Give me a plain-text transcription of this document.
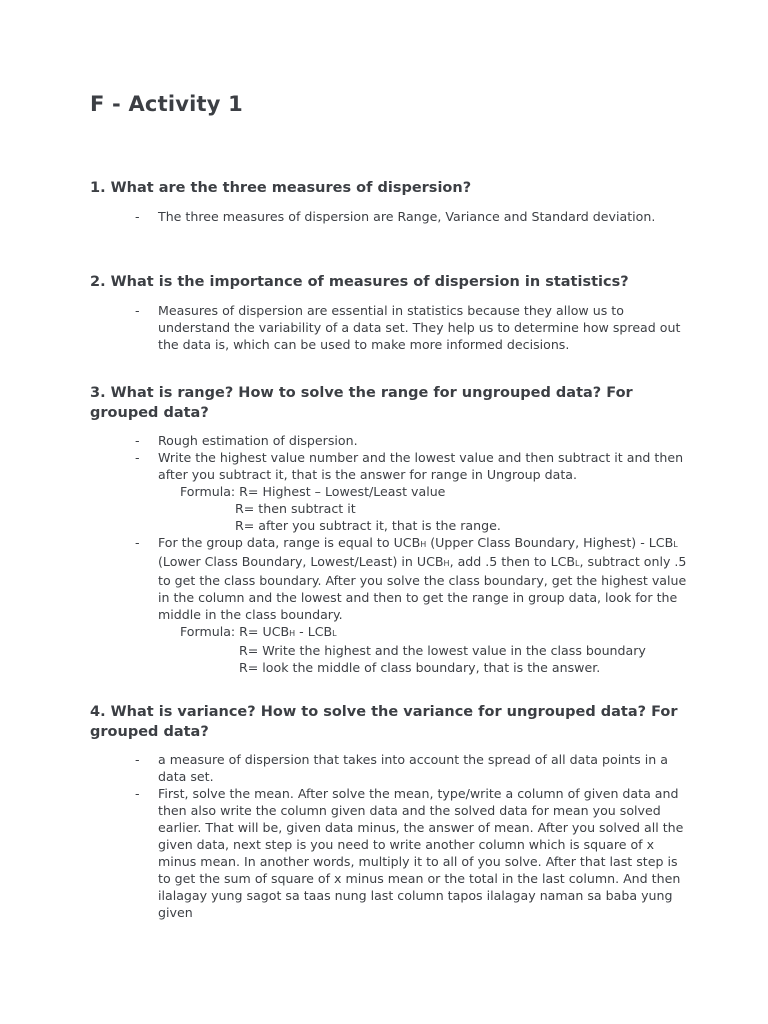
F - Activity 1
1. What are the three measures of dispersion?
- The three measures of dispersion are Range, Variance and Standard deviation.
2. What is the importance of measures of dispersion in statistics?
- Measures of dispersion are essential in statistics because they allow us to understand the variability of a data set. They help us to determine how spread out the data is, which can be used to make more informed decisions.
3. What is range? How to solve the range for ungrouped data? For grouped data?
- Rough estimation of dispersion.
- Write the highest value number and the lowest value and then subtract it and then after you subtract it, that is the answer for range in Ungroup data.
Formula: R= Highest – Lowest/Least value
R= then subtract it
R= after you subtract it, that is the range.
- For the group data, range is equal to UCBH (Upper Class Boundary, Highest) - LCBL (Lower Class Boundary, Lowest/Least) in UCBH, add .5 then to LCBL, subtract only .5 to get the class boundary. After you solve the class boundary, get the highest value in the column and the lowest and then to get the range in group data, look for the middle in the class boundary.
Formula: R= UCBH - LCBL
R= Write the highest and the lowest value in the class boundary
R= look the middle of class boundary, that is the answer.
4. What is variance? How to solve the variance for ungrouped data? For grouped data?
- a measure of dispersion that takes into account the spread of all data points in a data set.
- First, solve the mean. After solve the mean, type/write a column of given data and then also write the column given data and the solved data for mean you solved earlier. That will be, given data minus, the answer of mean. After you solved all the given data, next step is you need to write another column which is square of x minus mean. In another words, multiply it to all of you solve. After that last step is to get the sum of square of x minus mean or the total in the last column. And then ilalagay yung sagot sa taas nung last column tapos ilalagay naman sa baba yung given
